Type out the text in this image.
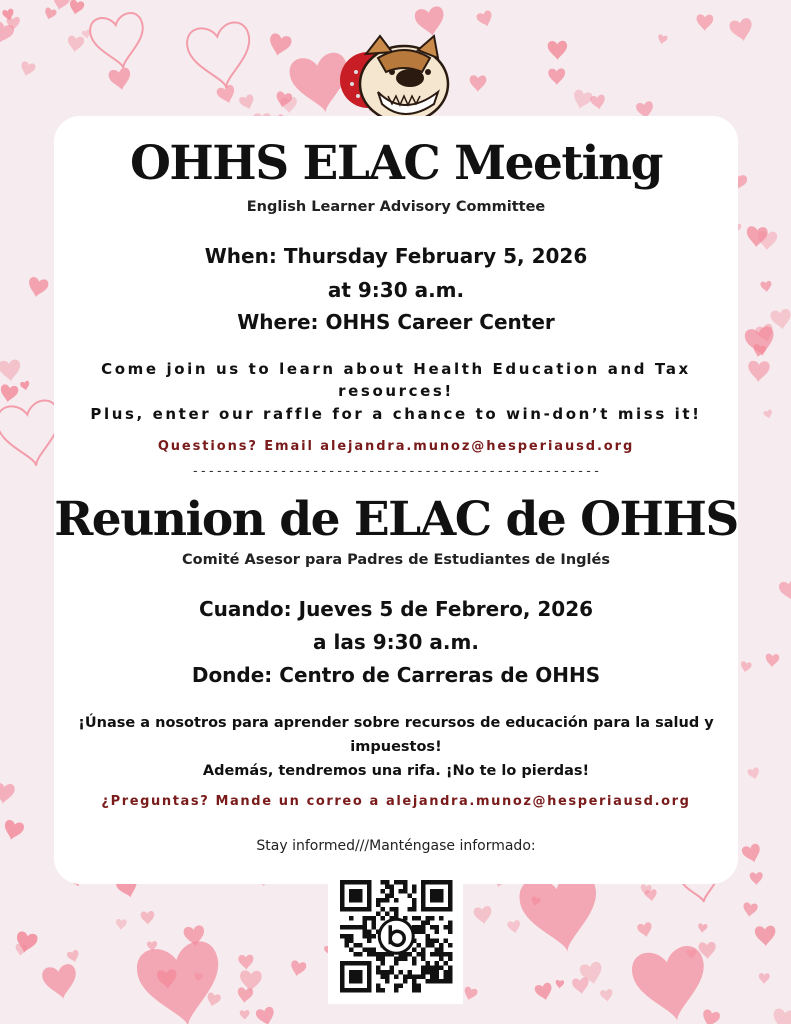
OHHS ELAC Meeting
English Learner Advisory Committee
When: Thursday February 5, 2026
at 9:30 a.m.
Where: OHHS Career Center
Come join us to learn about Health Education and Tax
resources!
Plus, enter our raffle for a chance to win-don’t miss it!
Questions? Email alejandra.munoz@hesperiausd.org
---------------------------------------------------
Reunion de ELAC de OHHS
Comité Asesor para Padres de Estudiantes de Inglés
Cuando: Jueves 5 de Febrero, 2026
a las 9:30 a.m.
Donde: Centro de Carreras de OHHS
¡Únase a nosotros para aprender sobre recursos de educación para la salud y
impuestos!
Además, tendremos una rifa. ¡No te lo pierdas!
¿Preguntas? Mande un correo a alejandra.munoz@hesperiausd.org
Stay informed///Manténgase informado:
